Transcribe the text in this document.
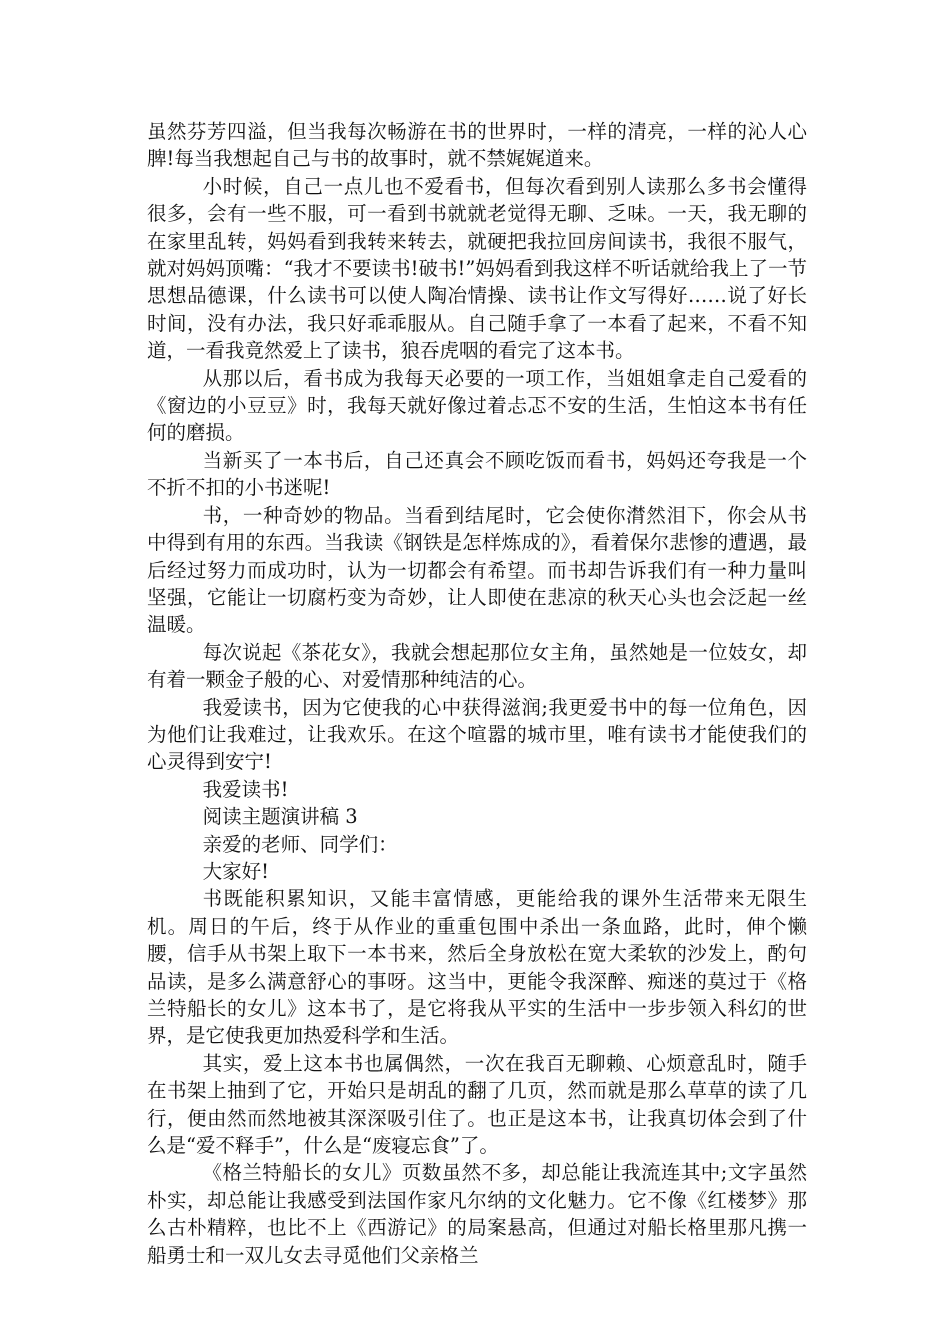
虽然芬芳四溢，但当我每次畅游在书的世界时，一样的清亮，一样的沁人心脾!每当我想起自己与书的故事时，就不禁娓娓道来。

小时候，自己一点儿也不爱看书，但每次看到别人读那么多书会懂得很多，会有一些不服，可一看到书就就老觉得无聊、乏味。一天，我无聊的在家里乱转，妈妈看到我转来转去，就硬把我拉回房间读书，我很不服气，就对妈妈顶嘴：“我才不要读书!破书!”妈妈看到我这样不听话就给我上了一节思想品德课，什么读书可以使人陶冶情操、读书让作文写得好……说了好长时间，没有办法，我只好乖乖服从。自己随手拿了一本看了起来，不看不知道，一看我竟然爱上了读书，狼吞虎咽的看完了这本书。

从那以后，看书成为我每天必要的一项工作，当姐姐拿走自己爱看的《窗边的小豆豆》时，我每天就好像过着忐忑不安的生活，生怕这本书有任何的磨损。

当新买了一本书后，自己还真会不顾吃饭而看书，妈妈还夸我是一个不折不扣的小书迷呢!

书，一种奇妙的物品。当看到结尾时，它会使你潸然泪下，你会从书中得到有用的东西。当我读《钢铁是怎样炼成的》，看着保尔悲惨的遭遇，最后经过努力而成功时，认为一切都会有希望。而书却告诉我们有一种力量叫坚强，它能让一切腐朽变为奇妙，让人即使在悲凉的秋天心头也会泛起一丝温暖。

每次说起《茶花女》，我就会想起那位女主角，虽然她是一位妓女，却有着一颗金子般的心、对爱情那种纯洁的心。

我爱读书，因为它使我的心中获得滋润;我更爱书中的每一位角色，因为他们让我难过，让我欢乐。在这个喧嚣的城市里，唯有读书才能使我们的心灵得到安宁!

我爱读书!

阅读主题演讲稿 3

亲爱的老师、同学们：

大家好!

书既能积累知识，又能丰富情感，更能给我的课外生活带来无限生机。周日的午后，终于从作业的重重包围中杀出一条血路，此时，伸个懒腰，信手从书架上取下一本书来，然后全身放松在宽大柔软的沙发上，酌句品读，是多么满意舒心的事呀。这当中，更能令我深醉、痴迷的莫过于《格兰特船长的女儿》这本书了，是它将我从平实的生活中一步步领入科幻的世界，是它使我更加热爱科学和生活。

其实，爱上这本书也属偶然，一次在我百无聊赖、心烦意乱时，随手在书架上抽到了它，开始只是胡乱的翻了几页，然而就是那么草草的读了几行，便由然而然地被其深深吸引住了。也正是这本书，让我真切体会到了什么是“爱不释手”，什么是“废寝忘食”了。

《格兰特船长的女儿》页数虽然不多，却总能让我流连其中;文字虽然朴实，却总能让我感受到法国作家凡尔纳的文化魅力。它不像《红楼梦》那么古朴精粹，也比不上《西游记》的局案悬高，但通过对船长格里那凡携一船勇士和一双儿女去寻觅他们父亲格兰
